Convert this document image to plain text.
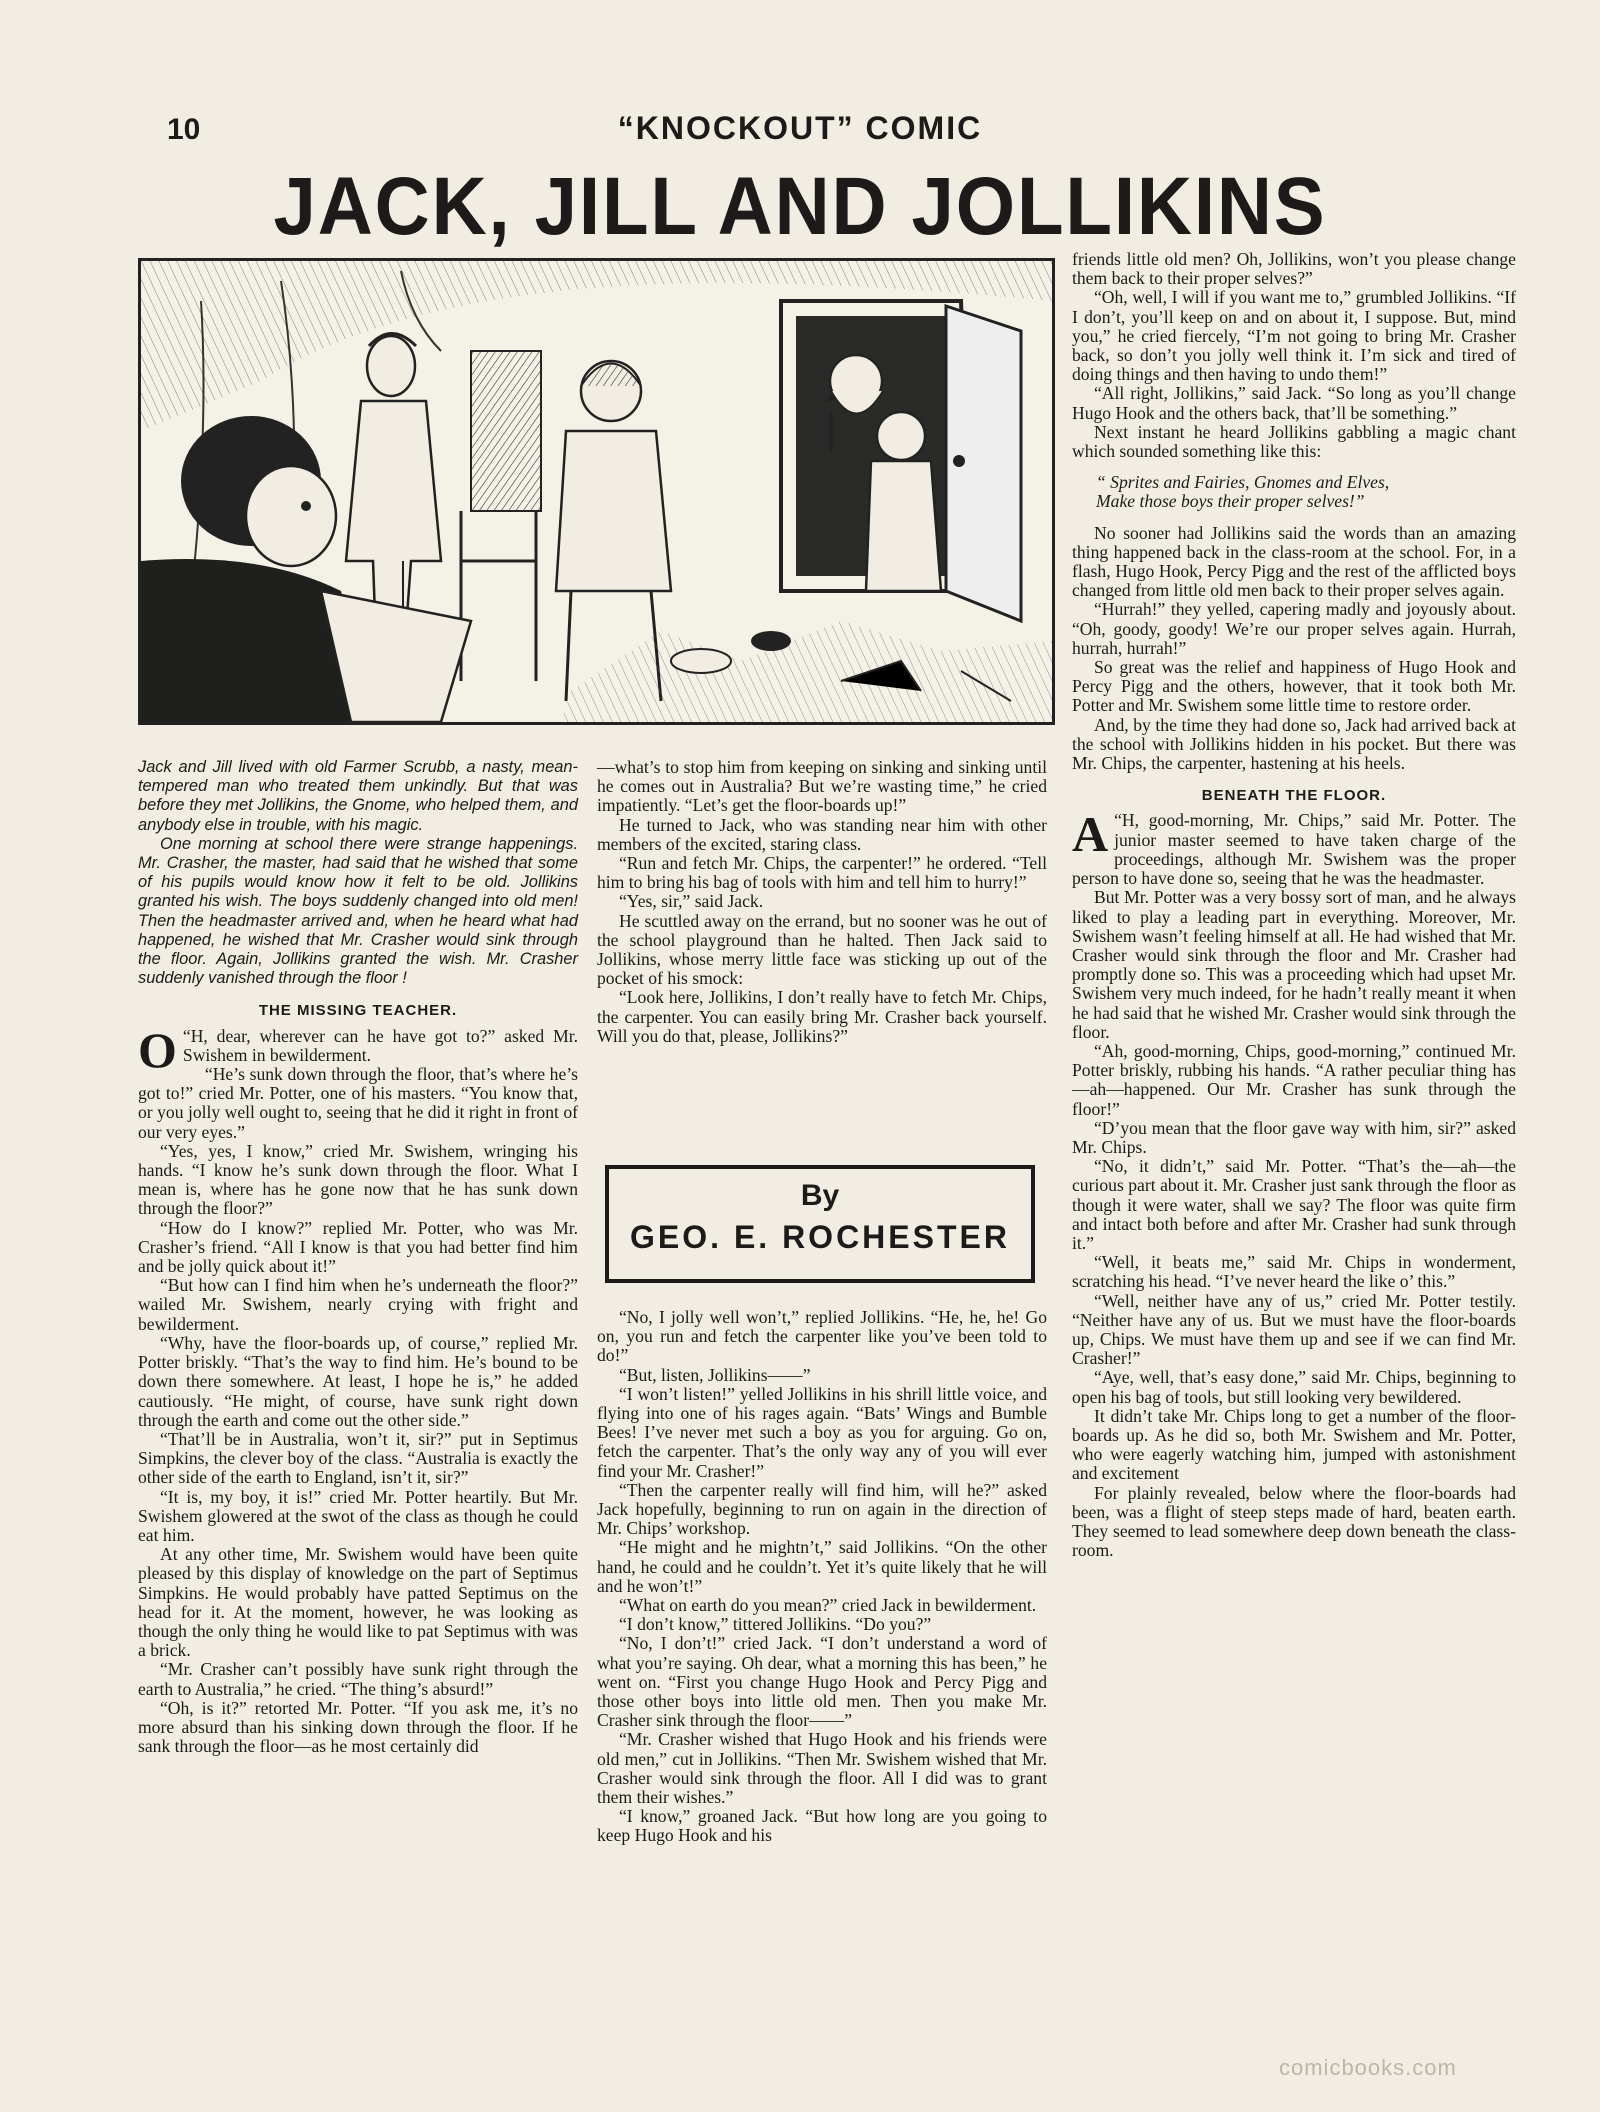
10	“KNOCKOUT” COMIC
JACK, JILL AND JOLLIKINS

Jack and Jill lived with old Farmer Scrubb, a nasty, mean-tempered man who treated them unkindly. But that was before they met Jollikins, the Gnome, who helped them, and anybody else in trouble, with his magic.

One morning at school there were strange happenings. Mr. Crasher, the master, had said that he wished that some of his pupils would know how it felt to be old. Jollikins granted his wish. The boys suddenly changed into old men! Then the headmaster arrived and, when he heard what had happened, he wished that Mr. Crasher would sink through the floor. Again, Jollikins granted the wish. Mr. Crasher suddenly vanished through the floor !

THE MISSING TEACHER.

“
O H, dear, wherever can he have got to?” asked Mr. Swishem in bewilderment.

“He’s sunk down through the floor, that’s where he’s got to!” cried Mr. Potter, one of his masters. “You know that, or you jolly well ought to, seeing that he did it right in front of our very eyes.”

“Yes, yes, I know,” cried Mr. Swishem, wringing his hands. “I know he’s sunk down through the floor. What I mean is, where has he gone now that he has sunk down through the floor?”

“How do I know?” replied Mr. Potter, who was Mr. Crasher’s friend. “All I know is that you had better find him and be jolly quick about it!”

“But how can I find him when he’s underneath the floor?” wailed Mr. Swishem, nearly crying with fright and bewilderment.

“Why, have the floor-boards up, of course,” replied Mr. Potter briskly. “That’s the way to find him. He’s bound to be down there somewhere. At least, I hope he is,” he added cautiously. “He might, of course, have sunk right down through the earth and come out the other side.”

“That’ll be in Australia, won’t it, sir?” put in Septimus Simpkins, the clever boy of the class. “Australia is exactly the other side of the earth to England, isn’t it, sir?”

“It is, my boy, it is!” cried Mr. Potter heartily. But Mr. Swishem glowered at the swot of the class as though he could eat him.

At any other time, Mr. Swishem would have been quite pleased by this display of knowledge on the part of Septimus Simpkins. He would probably have patted Septimus on the head for it. At the moment, however, he was looking as though the only thing he would like to pat Septimus with was a brick.

“Mr. Crasher can’t possibly have sunk right through the earth to Australia,” he cried. “The thing’s absurd!”

“Oh, is it?” retorted Mr. Potter. “If you ask me, it’s no more absurd than his sinking down through the floor. If he sank through the floor—as he most certainly did

—what’s to stop him from keeping on sinking and sinking until he comes out in Australia? But we’re wasting time,” he cried impatiently. “Let’s get the floor-boards up!”

He turned to Jack, who was standing near him with other members of the excited, staring class.

“Run and fetch Mr. Chips, the carpenter!” he ordered. “Tell him to bring his bag of tools with him and tell him to hurry!”

“Yes, sir,” said Jack.

He scuttled away on the errand, but no sooner was he out of the school playground than he halted. Then Jack said to Jollikins, whose merry little face was sticking up out of the pocket of his smock:

“Look here, Jollikins, I don’t really have to fetch Mr. Chips, the carpenter. You can easily bring Mr. Crasher back yourself. Will you do that, please, Jollikins?”

By
GEO. E. ROCHESTER

“No, I jolly well won’t,” replied Jollikins. “He, he, he! Go on, you run and fetch the carpenter like you’ve been told to do!”

“But, listen, Jollikins——”

“I won’t listen!” yelled Jollikins in his shrill little voice, and flying into one of his rages again. “Bats’ Wings and Bumble Bees! I’ve never met such a boy as you for arguing. Go on, fetch the carpenter. That’s the only way any of you will ever find your Mr. Crasher!”

“Then the carpenter really will find him, will he?” asked Jack hopefully, beginning to run on again in the direction of Mr. Chips’ workshop.

“He might and he mightn’t,” said Jollikins. “On the other hand, he could and he couldn’t. Yet it’s quite likely that he will and he won’t!”

“What on earth do you mean?” cried Jack in bewilderment.

“I don’t know,” tittered Jollikins. “Do you?”

“No, I don’t!” cried Jack. “I don’t understand a word of what you’re saying. Oh dear, what a morning this has been,” he went on. “First you change Hugo Hook and Percy Pigg and those other boys into little old men. Then you make Mr. Crasher sink through the floor——”

“Mr. Crasher wished that Hugo Hook and his friends were old men,” cut in Jollikins. “Then Mr. Swishem wished that Mr. Crasher would sink through the floor. All I did was to grant them their wishes.”

“I know,” groaned Jack. “But how long are you going to keep Hugo Hook and his

friends little old men? Oh, Jollikins, won’t you please change them back to their proper selves?”

“Oh, well, I will if you want me to,” grumbled Jollikins. “If I don’t, you’ll keep on and on about it, I suppose. But, mind you,” he cried fiercely, “I’m not going to bring Mr. Crasher back, so don’t you jolly well think it. I’m sick and tired of doing things and then having to undo them!”

“All right, Jollikins,” said Jack. “So long as you’ll change Hugo Hook and the others back, that’ll be something.”

Next instant he heard Jollikins gabbling a magic chant which sounded something like this:

“ Sprites and Fairies, Gnomes and Elves,

Make those boys their proper selves!”

No sooner had Jollikins said the words than an amazing thing happened back in the class-room at the school. For, in a flash, Hugo Hook, Percy Pigg and the rest of the afflicted boys changed from little old men back to their proper selves again.

“Hurrah!” they yelled, capering madly and joyously about. “Oh, goody, goody! We’re our proper selves again. Hurrah, hurrah, hurrah!”

So great was the relief and happiness of Hugo Hook and Percy Pigg and the others, however, that it took both Mr. Potter and Mr. Swishem some little time to restore order.

And, by the time they had done so, Jack had arrived back at the school with Jollikins hidden in his pocket. But there was Mr. Chips, the carpenter, hastening at his heels.

BENEATH THE FLOOR.

“
A H, good-morning, Mr. Chips,” said Mr. Potter. The junior master seemed to have taken charge of the proceedings, although Mr. Swishem was the proper person to have done so, seeing that he was the headmaster.

But Mr. Potter was a very bossy sort of man, and he always liked to play a leading part in everything. Moreover, Mr. Swishem wasn’t feeling himself at all. He had wished that Mr. Crasher would sink through the floor and Mr. Crasher had promptly done so. This was a proceeding which had upset Mr. Swishem very much indeed, for he hadn’t really meant it when he had said that he wished Mr. Crasher would sink through the floor.

“Ah, good-morning, Chips, good-morning,” continued Mr. Potter briskly, rubbing his hands. “A rather peculiar thing has—ah—happened. Our Mr. Crasher has sunk through the floor!”

“D’you mean that the floor gave way with him, sir?” asked Mr. Chips.

“No, it didn’t,” said Mr. Potter. “That’s the—ah—the curious part about it. Mr. Crasher just sank through the floor as though it were water, shall we say? The floor was quite firm and intact both before and after Mr. Crasher had sunk through it.”

“Well, it beats me,” said Mr. Chips in wonderment, scratching his head. “I’ve never heard the like o’ this.”

“Well, neither have any of us,” cried Mr. Potter testily. “Neither have any of us. But we must have the floor-boards up, Chips. We must have them up and see if we can find Mr. Crasher!”

“Aye, well, that’s easy done,” said Mr. Chips, beginning to open his bag of tools, but still looking very bewildered.

It didn’t take Mr. Chips long to get a number of the floor-boards up. As he did so, both Mr. Swishem and Mr. Potter, who were eagerly watching him, jumped with astonishment and excitement

For plainly revealed, below where the floor-boards had been, was a flight of steep steps made of hard, beaten earth. They seemed to lead somewhere deep down beneath the class-room.

comicbooks.com
